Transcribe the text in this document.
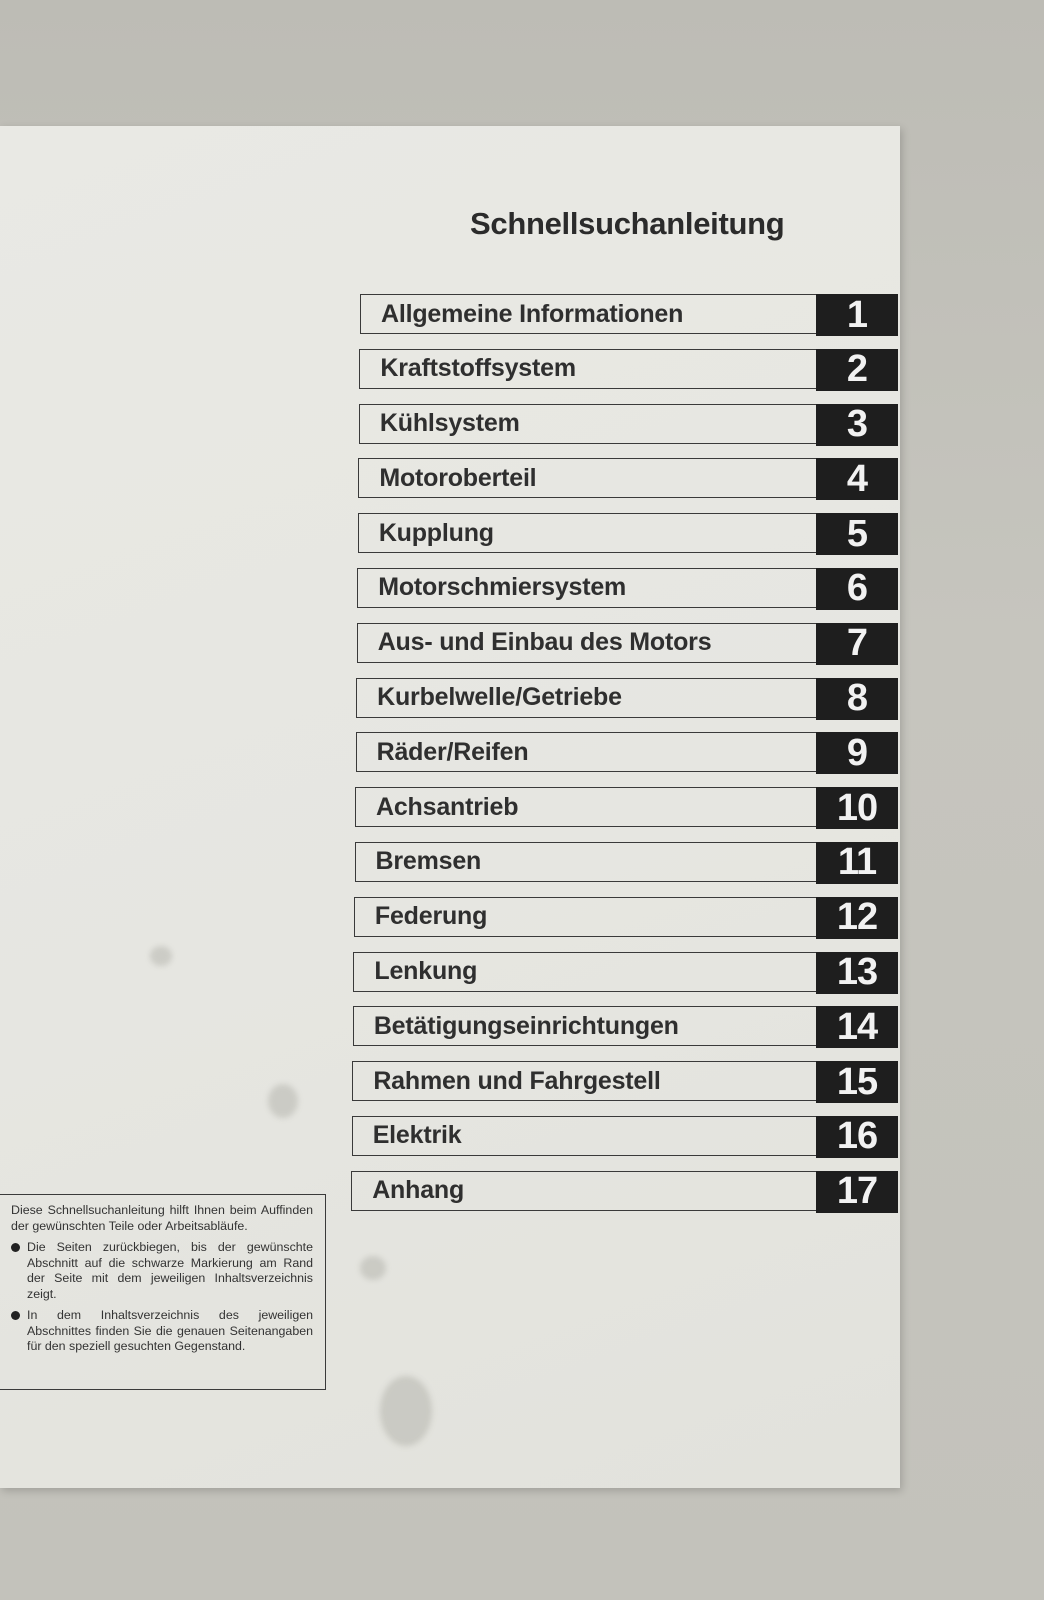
Schnellsuchanleitung
Allgemeine Informationen	1
Kraftstoffsystem	2
Kühlsystem	3
Motoroberteil	4
Kupplung	5
Motorschmiersystem	6
Aus- und Einbau des Motors	7
Kurbelwelle/Getriebe	8
Räder/Reifen	9
Achsantrieb	10
Bremsen	11
Federung	12
Lenkung	13
Betätigungseinrichtungen	14
Rahmen und Fahrgestell	15
Elektrik	16
Anhang	17

Diese Schnellsuchanleitung hilft Ihnen beim Auffinden der gewünschten Teile oder Arbeitsabläufe.

Die Seiten zurückbiegen, bis der gewünschte Abschnitt auf die schwarze Markierung am Rand der Seite mit dem jeweiligen Inhaltsverzeichnis zeigt.
In dem Inhaltsverzeichnis des jeweiligen Abschnittes finden Sie die genauen Seitenangaben für den speziell gesuchten Gegenstand.
